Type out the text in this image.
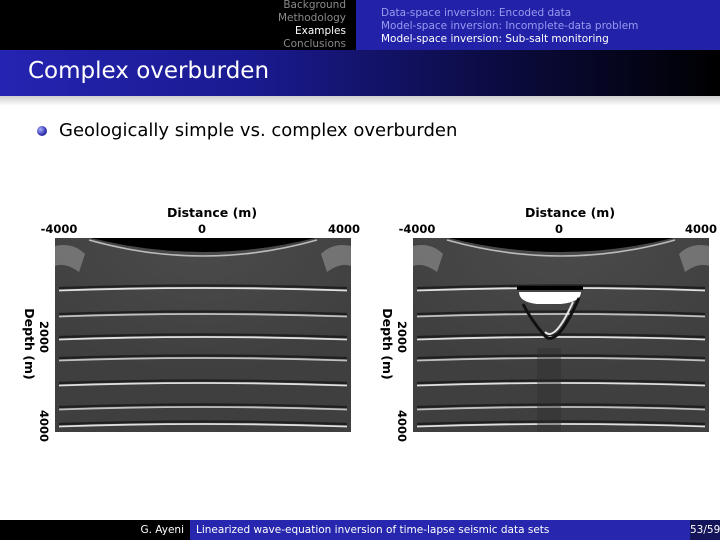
Background
Methodology
Examples
Conclusions
Data-space inversion: Encoded data
Model-space inversion: Incomplete-data problem
Model-space inversion: Sub-salt monitoring
Complex overburden
Geologically simple vs. complex overburden
Distance (m)
-4000	0	4000
Depth (m) 2000
4000
Distance (m)
-4000	0	4000
Depth (m) 2000
4000
G. Ayeni	Linearized wave-equation inversion of time-lapse seismic data sets	53/59
